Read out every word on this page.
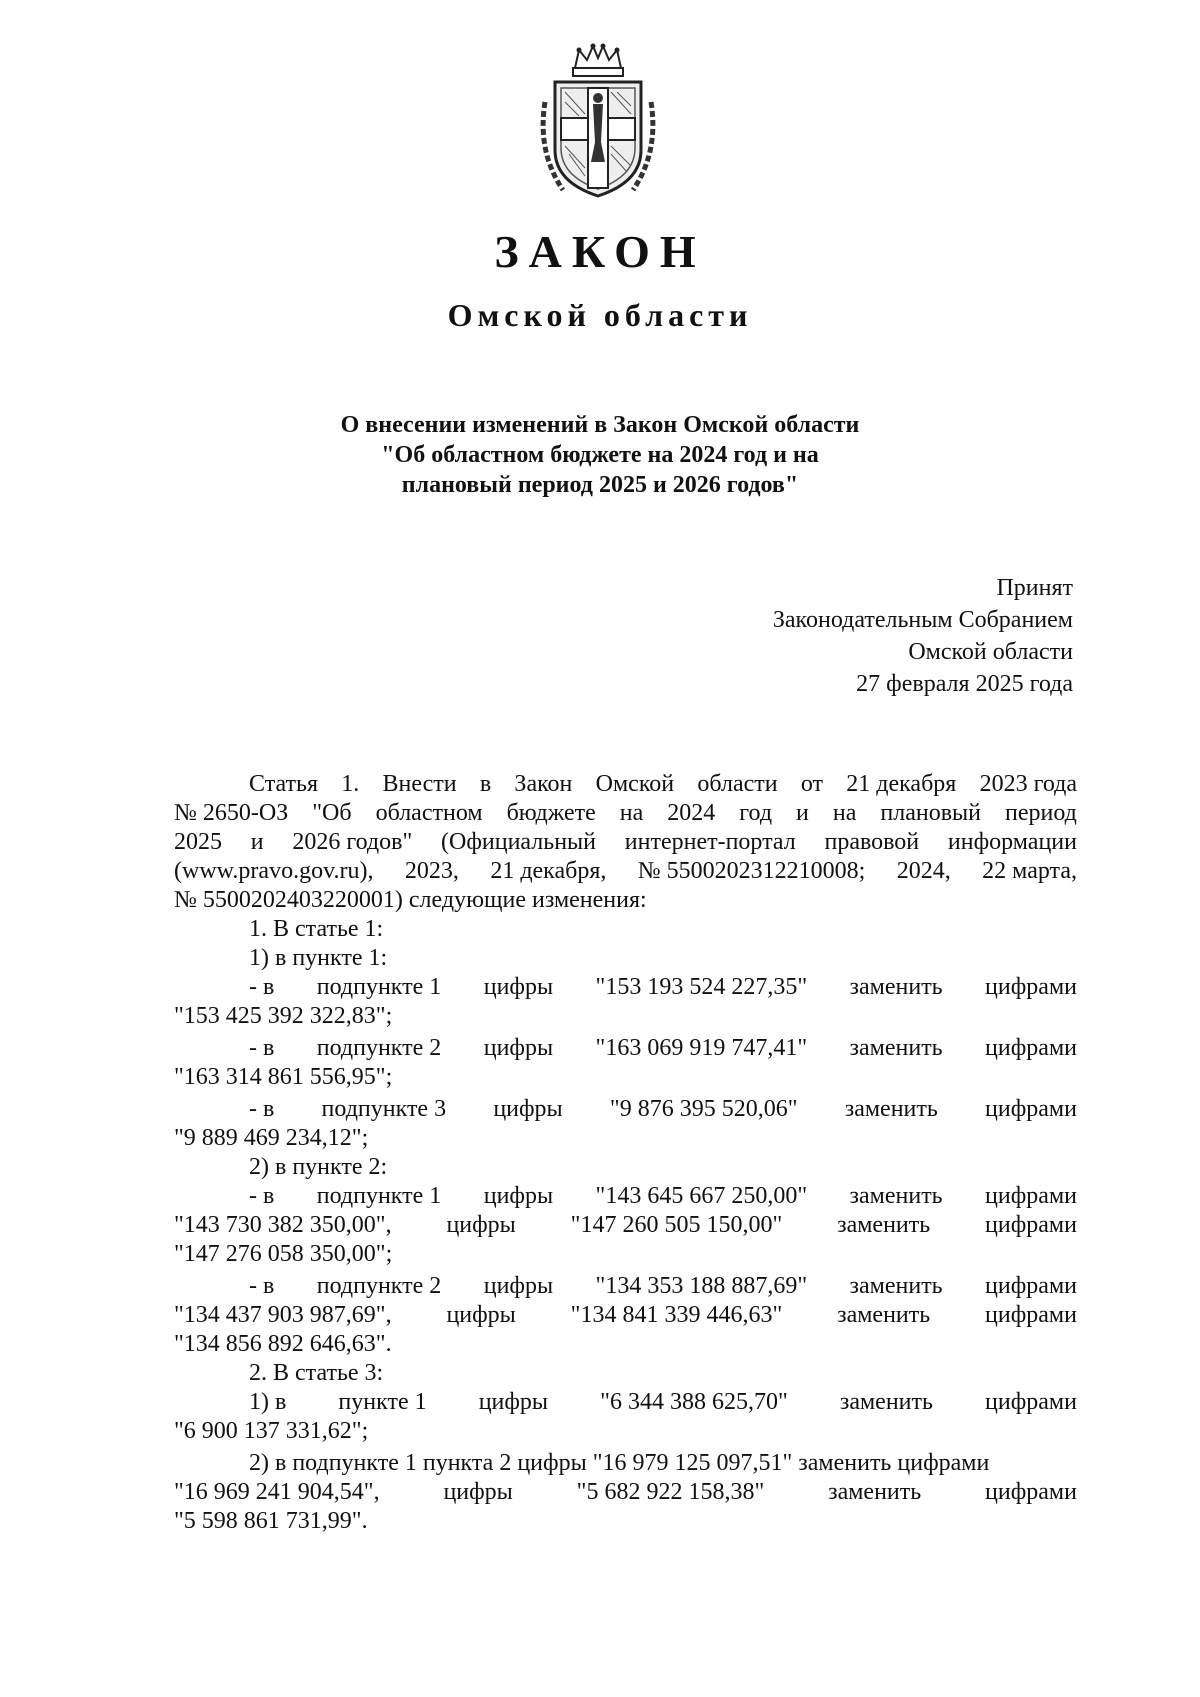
ЗАКОН
Омской области
О внесении изменений в Закон Омской области
"Об областном бюджете на 2024 год и на
плановый период 2025 и 2026 годов"
Принят
Законодательным Собранием
Омской области
27 февраля 2025 года
Статья 1. Внести в Закон Омской области от 21 декабря 2023 года
№ 2650-ОЗ "Об областном бюджете на 2024 год и на плановый период
2025 и 2026 годов" (Официальный интернет-портал правовой информации
(www.pravo.gov.ru), 2023, 21 декабря, № 5500202312210008; 2024, 22 марта,
№ 5500202403220001) следующие изменения:
1. В статье 1:
1) в пункте 1:
- в подпункте 1 цифры "153 193 524 227,35" заменить цифрами
"153 425 392 322,83";
- в подпункте 2 цифры "163 069 919 747,41" заменить цифрами
"163 314 861 556,95";
- в подпункте 3 цифры "9 876 395 520,06" заменить цифрами
"9 889 469 234,12";
2) в пункте 2:
- в подпункте 1 цифры "143 645 667 250,00" заменить цифрами
"143 730 382 350,00", цифры "147 260 505 150,00" заменить цифрами
"147 276 058 350,00";
- в подпункте 2 цифры "134 353 188 887,69" заменить цифрами
"134 437 903 987,69", цифры "134 841 339 446,63" заменить цифрами
"134 856 892 646,63".
2. В статье 3:
1) в пункте 1 цифры "6 344 388 625,70" заменить цифрами
"6 900 137 331,62";
2) в подпункте 1 пункта 2 цифры "16 979 125 097,51" заменить цифрами
"16 969 241 904,54",	цифры	"5 682 922 158,38"	заменить	цифрами
"5 598 861 731,99".
